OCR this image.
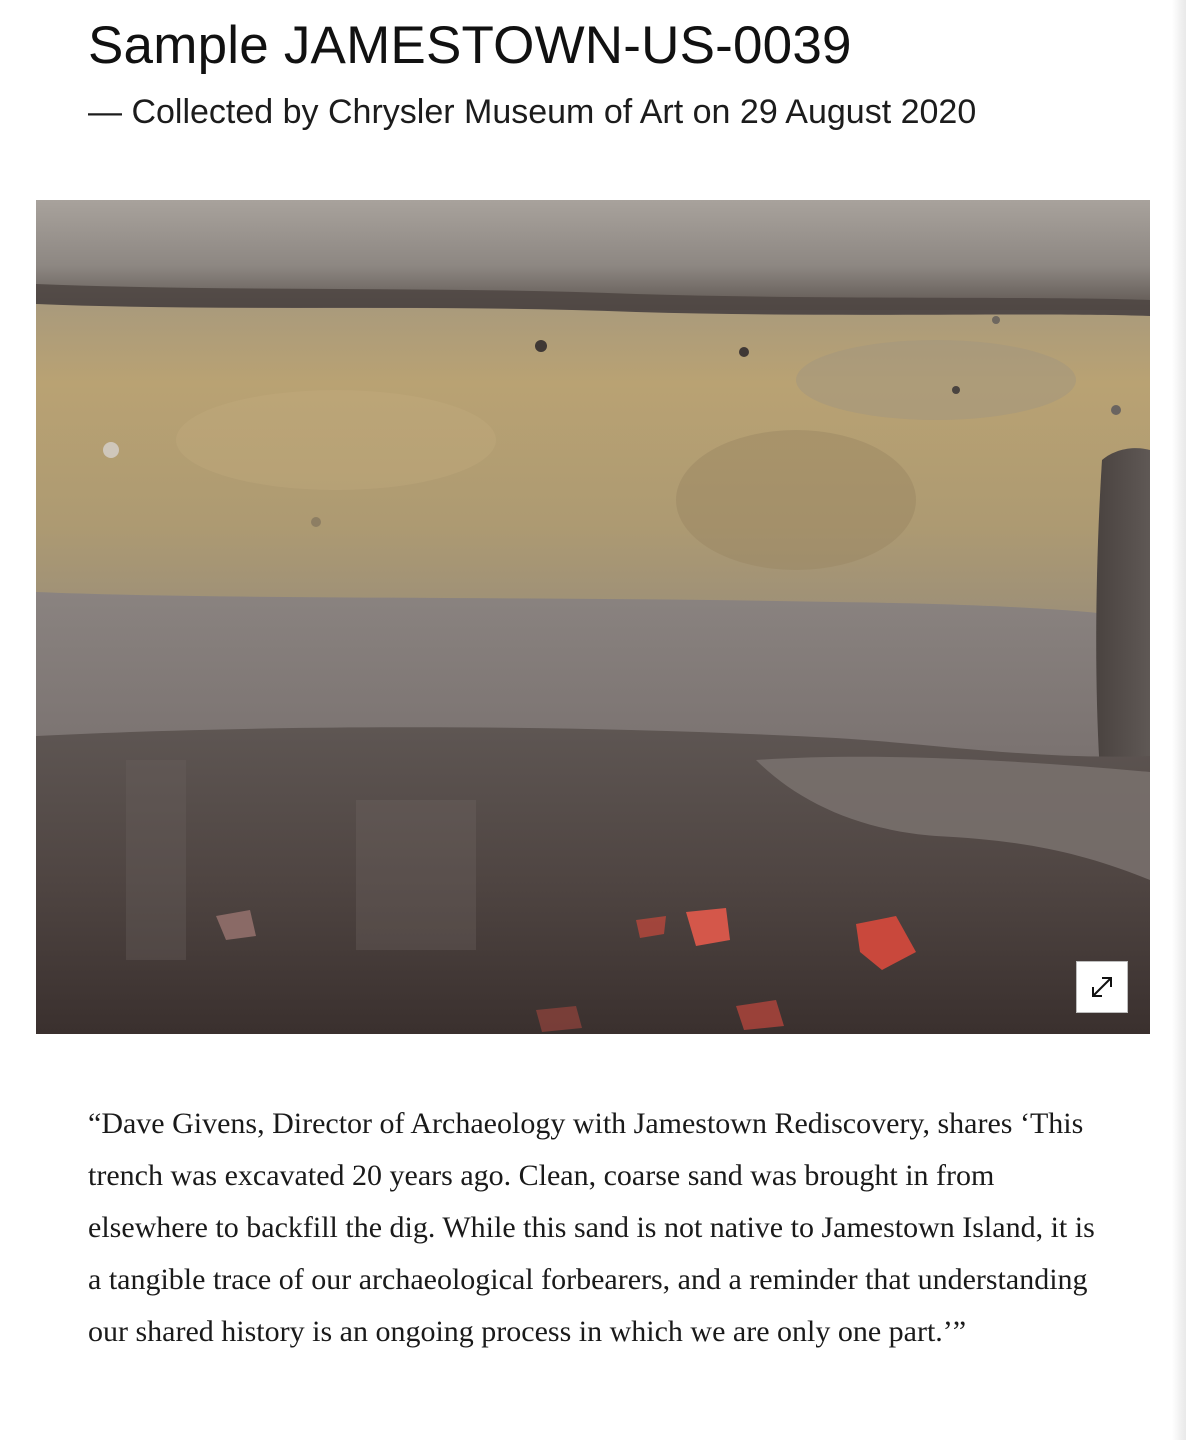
Sample JAMESTOWN-US-0039

— Collected by Chrysler Museum of Art on 29 August 2020

“Dave Givens, Director of Archaeology with Jamestown Rediscovery, shares ‘This trench was excavated 20 years ago. Clean, coarse sand was brought in from elsewhere to backfill the dig. While this sand is not native to Jamestown Island, it is a tangible trace of our archaeological forbearers, and a reminder that understanding our shared history is an ongoing process in which we are only one part.’”
